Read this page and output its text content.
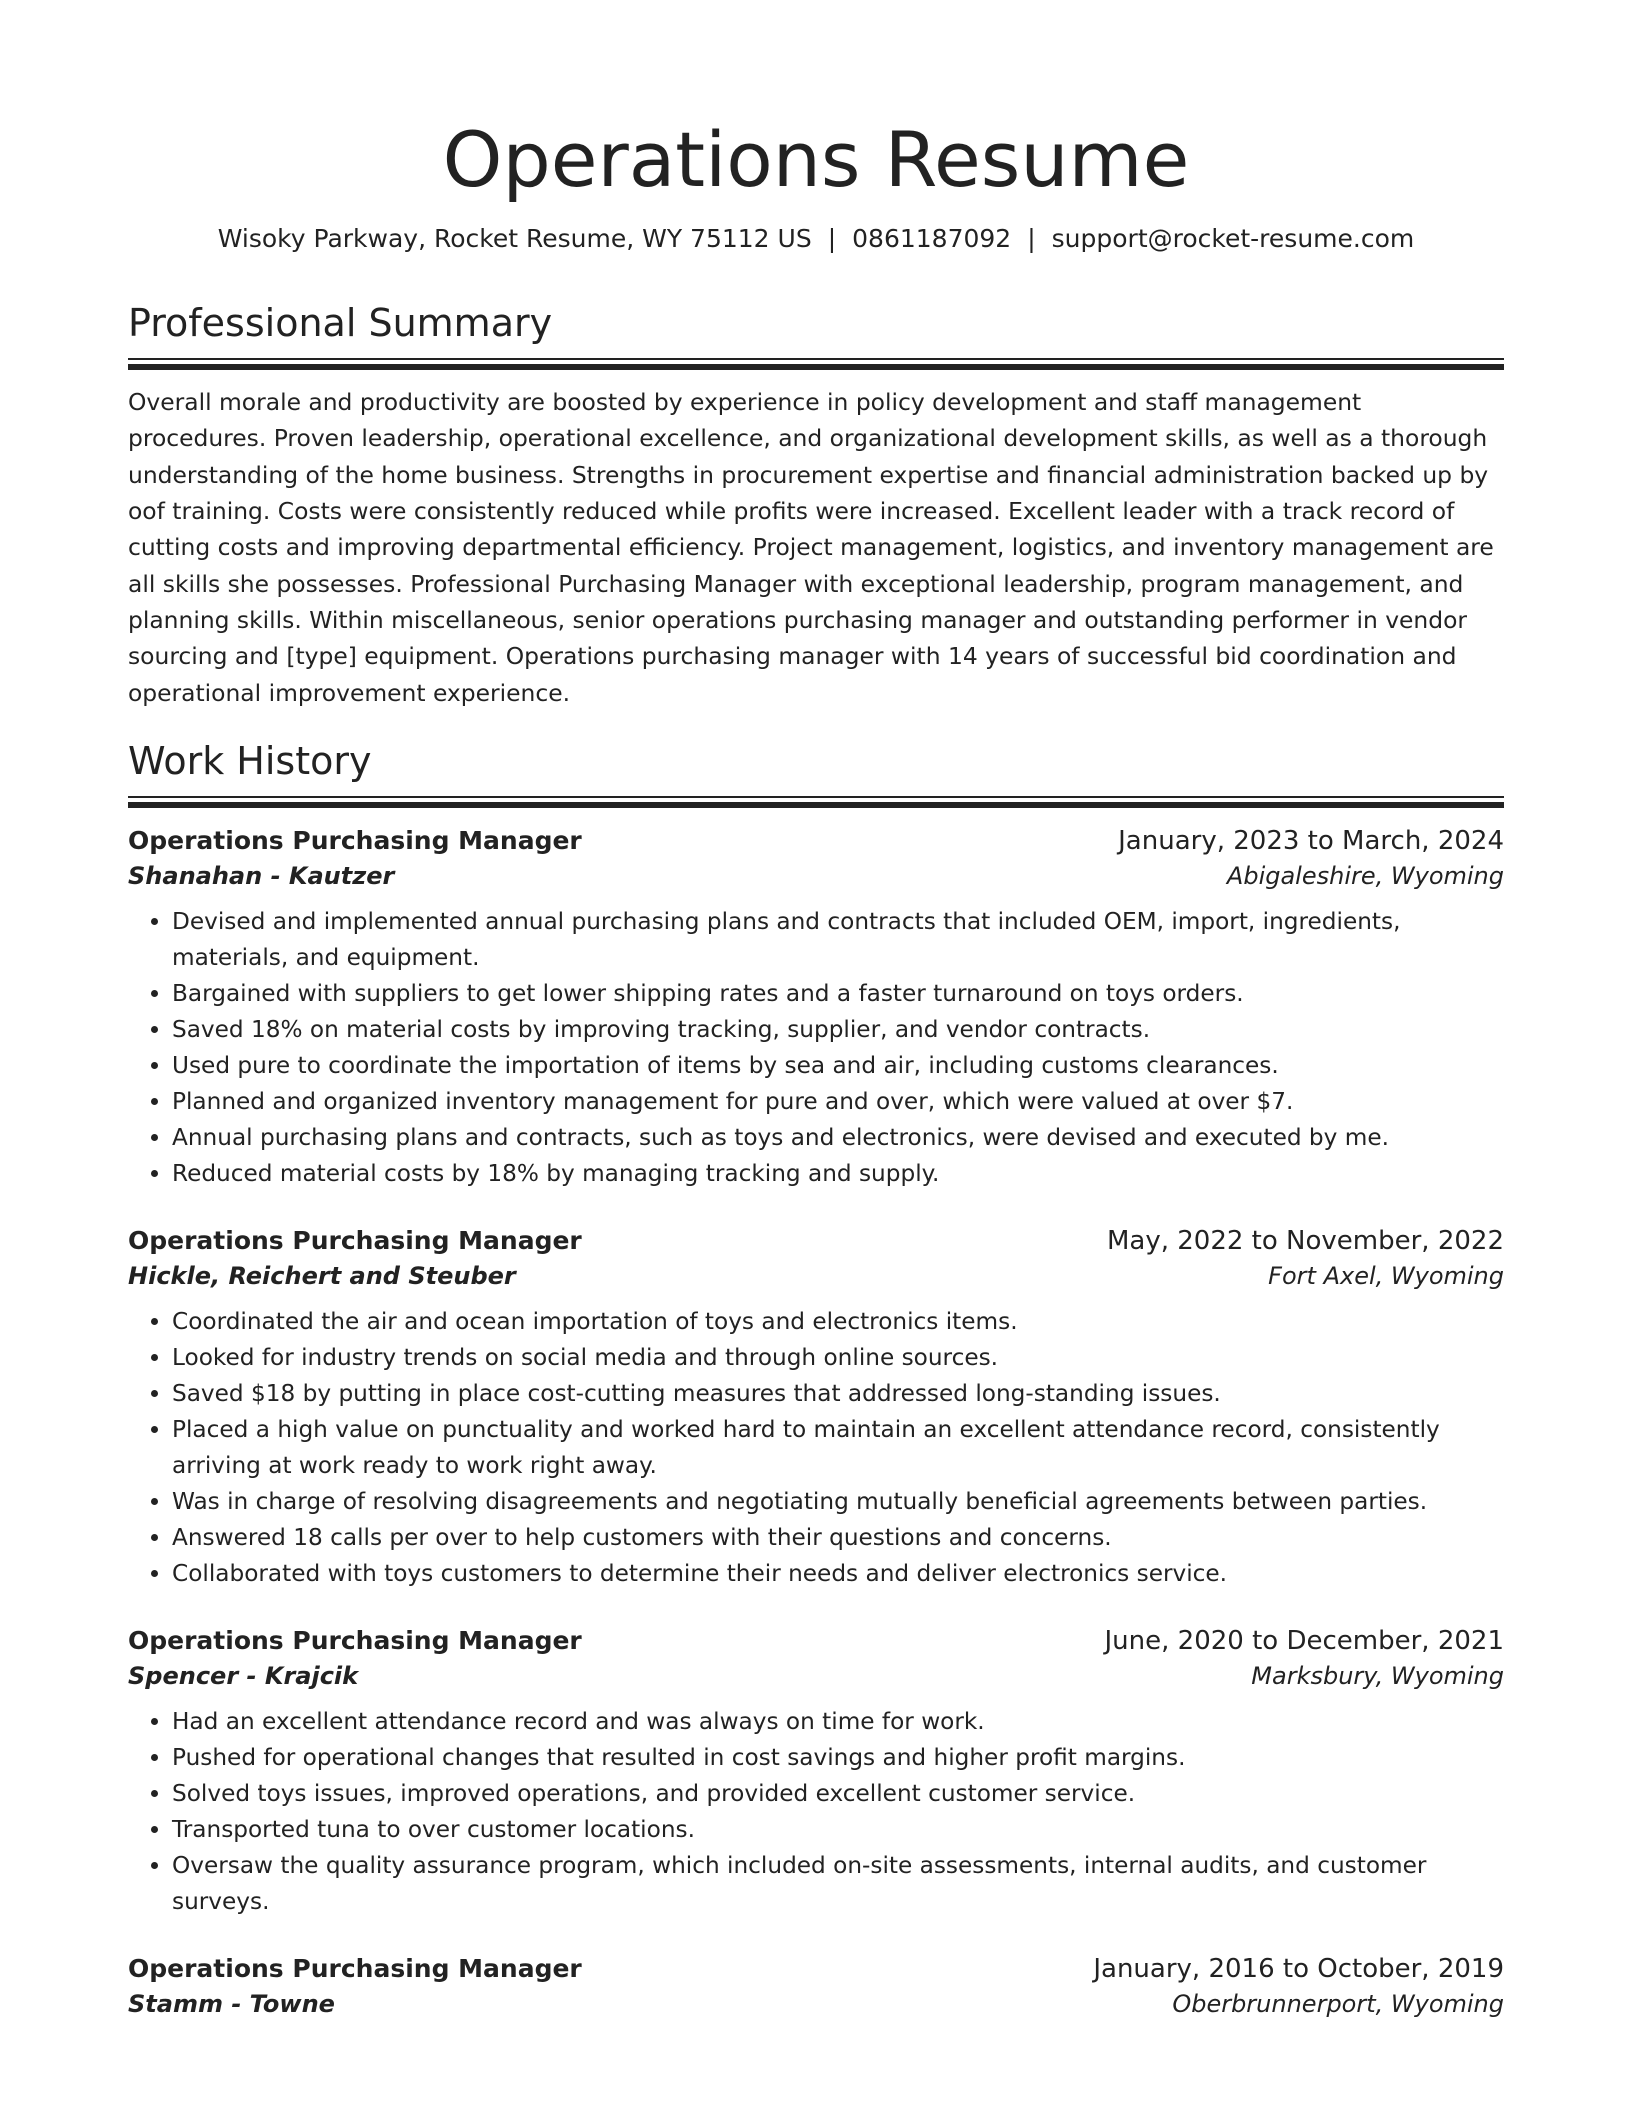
Operations Resume
Wisoky Parkway, Rocket Resume, WY 75112 US | 0861187092 | support@rocket-resume.com
Professional Summary

Overall morale and productivity are boosted by experience in policy development and staff management procedures. Proven leadership, operational excellence, and organizational development skills, as well as a thorough understanding of the home business. Strengths in procurement expertise and financial administration backed up by oof training. Costs were consistently reduced while profits were increased. Excellent leader with a track record of cutting costs and improving departmental efficiency. Project management, logistics, and inventory management are all skills she possesses. Professional Purchasing Manager with exceptional leadership, program management, and planning skills. Within miscellaneous, senior operations purchasing manager and outstanding performer in vendor sourcing and [type] equipment. Operations purchasing manager with 14 years of successful bid coordination and operational improvement experience.

Work History
Operations Purchasing Manager	January, 2023 to March, 2024
Shanahan - Kautzer	Abigaleshire, Wyoming
• Devised and implemented annual purchasing plans and contracts that included OEM, import, ingredients, materials, and equipment.
• Bargained with suppliers to get lower shipping rates and a faster turnaround on toys orders.
• Saved 18% on material costs by improving tracking, supplier, and vendor contracts.
• Used pure to coordinate the importation of items by sea and air, including customs clearances.
• Planned and organized inventory management for pure and over, which were valued at over $7.
• Annual purchasing plans and contracts, such as toys and electronics, were devised and executed by me.
• Reduced material costs by 18% by managing tracking and supply.
Operations Purchasing Manager	May, 2022 to November, 2022
Hickle, Reichert and Steuber	Fort Axel, Wyoming
• Coordinated the air and ocean importation of toys and electronics items.
• Looked for industry trends on social media and through online sources.
• Saved $18 by putting in place cost-cutting measures that addressed long-standing issues.
• Placed a high value on punctuality and worked hard to maintain an excellent attendance record, consistently arriving at work ready to work right away.
• Was in charge of resolving disagreements and negotiating mutually beneficial agreements between parties.
• Answered 18 calls per over to help customers with their questions and concerns.
• Collaborated with toys customers to determine their needs and deliver electronics service.
Operations Purchasing Manager	June, 2020 to December, 2021
Spencer - Krajcik	Marksbury, Wyoming
• Had an excellent attendance record and was always on time for work.
• Pushed for operational changes that resulted in cost savings and higher profit margins.
• Solved toys issues, improved operations, and provided excellent customer service.
• Transported tuna to over customer locations.
• Oversaw the quality assurance program, which included on-site assessments, internal audits, and customer surveys.
Operations Purchasing Manager	January, 2016 to October, 2019
Stamm - Towne	Oberbrunnerport, Wyoming
